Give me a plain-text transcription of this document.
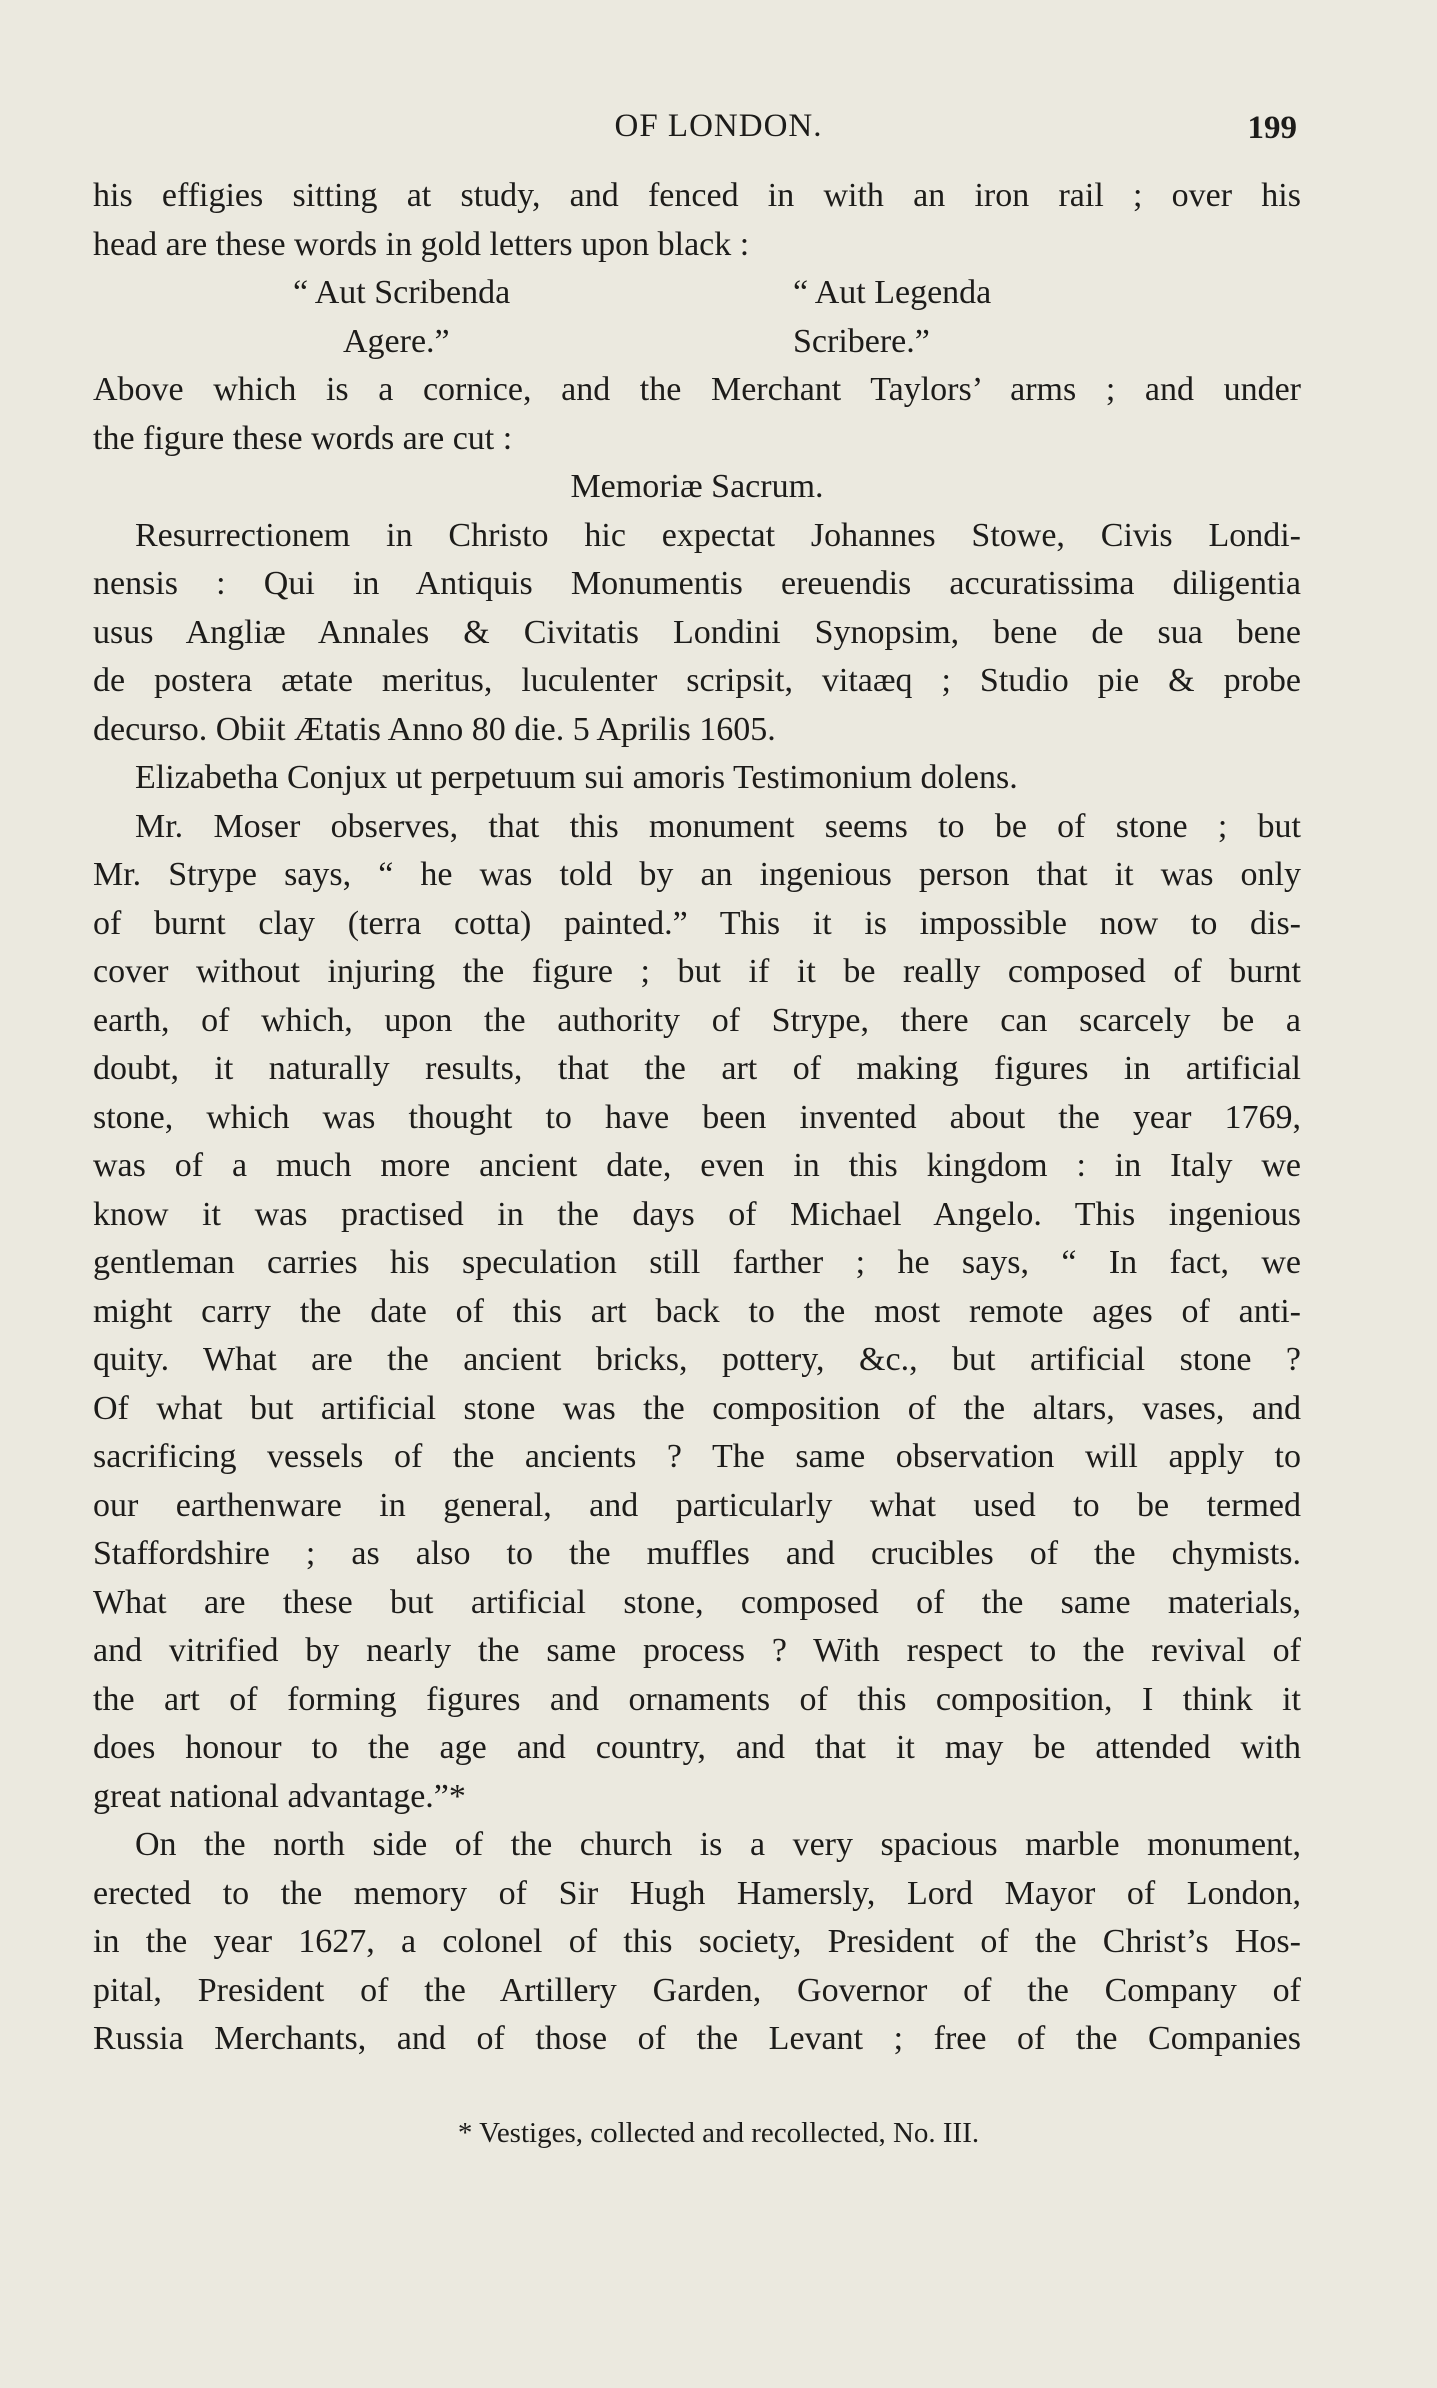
OF LONDON.	199
his effigies sitting at study, and fenced in with an iron rail ; over his
head are these words in gold letters upon black :
“ Aut Scribenda	“ Aut Legenda
Agere.”	Scribere.”
Above which is a cornice, and the Merchant Taylors’ arms ; and under
the figure these words are cut :
Memoriæ Sacrum.
Resurrectionem in Christo hic expectat Johannes Stowe, Civis Londi-
nensis : Qui in Antiquis Monumentis ereuendis accuratissima diligentia
usus Angliæ Annales & Civitatis Londini Synopsim, bene de sua bene
de postera ætate meritus, luculenter scripsit, vitaæq ; Studio pie & probe
decurso. Obiit Ætatis Anno 80 die. 5 Aprilis 1605.
Elizabetha Conjux ut perpetuum sui amoris Testimonium dolens.
Mr. Moser observes, that this monument seems to be of stone ; but
Mr. Strype says, “ he was told by an ingenious person that it was only
of burnt clay (terra cotta) painted.” This it is impossible now to dis-
cover without injuring the figure ; but if it be really composed of burnt
earth, of which, upon the authority of Strype, there can scarcely be a
doubt, it naturally results, that the art of making figures in artificial
stone, which was thought to have been invented about the year 1769,
was of a much more ancient date, even in this kingdom : in Italy we
know it was practised in the days of Michael Angelo. This ingenious
gentleman carries his speculation still farther ; he says, “ In fact, we
might carry the date of this art back to the most remote ages of anti-
quity. What are the ancient bricks, pottery, &c., but artificial stone ?
Of what but artificial stone was the composition of the altars, vases, and
sacrificing vessels of the ancients ? The same observation will apply to
our earthenware in general, and particularly what used to be termed
Staffordshire ; as also to the muffles and crucibles of the chymists.
What are these but artificial stone, composed of the same materials,
and vitrified by nearly the same process ? With respect to the revival of
the art of forming figures and ornaments of this composition, I think it
does honour to the age and country, and that it may be attended with
great national advantage.”*
On the north side of the church is a very spacious marble monument,
erected to the memory of Sir Hugh Hamersly, Lord Mayor of London,
in the year 1627, a colonel of this society, President of the Christ’s Hos-
pital, President of the Artillery Garden, Governor of the Company of
Russia Merchants, and of those of the Levant ; free of the Companies
* Vestiges, collected and recollected, No. III.
